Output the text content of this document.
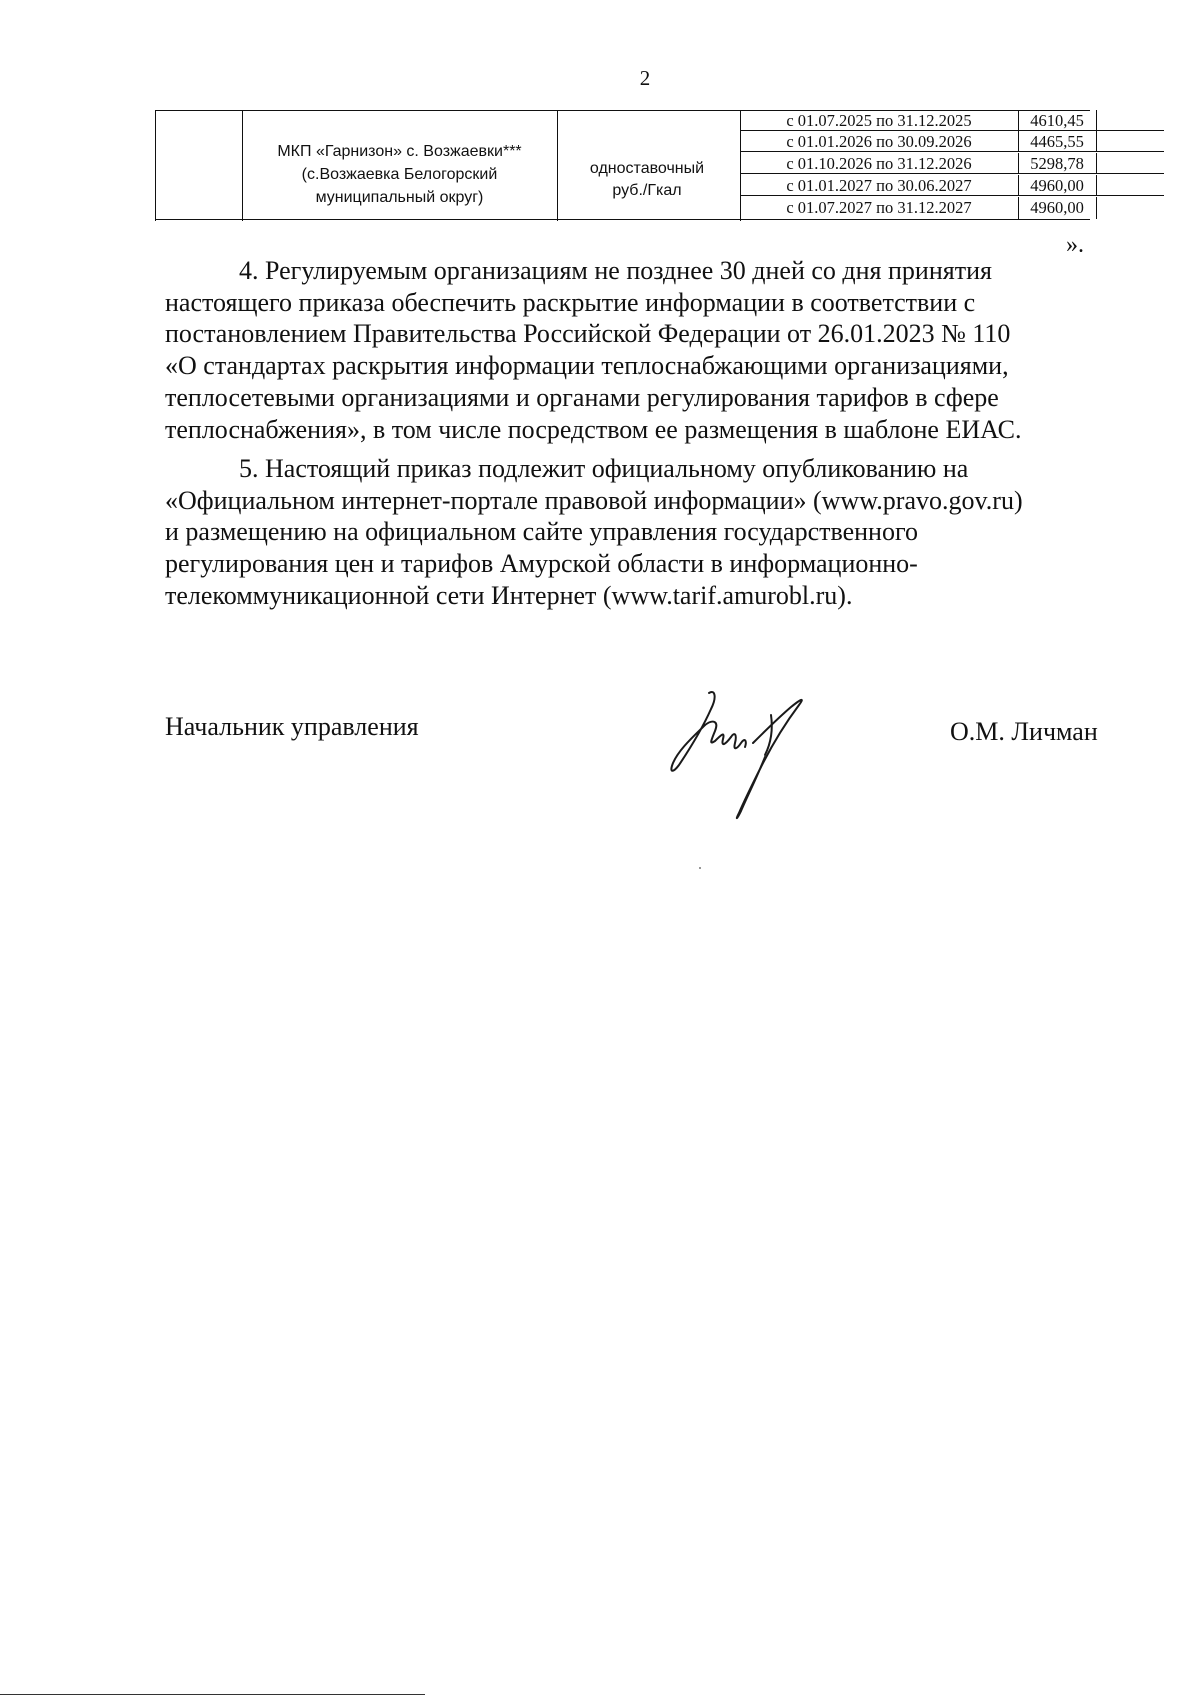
2
МКП «Гарнизон» с. Возжаевки***
(с.Возжаевка Белогорский
муниципальный округ)
одноставочный
руб./Гкал
с 01.07.2025 по 31.12.2025	4610,45
с 01.01.2026 по 30.09.2026	4465,55
с 01.10.2026 по 31.12.2026	5298,78
с 01.01.2027 по 30.06.2027	4960,00
с 01.07.2027 по 31.12.2027	4960,00
».
4. Регулируемым организациям не позднее 30 дней со дня принятия
настоящего приказа обеспечить раскрытие информации в соответствии с
постановлением Правительства Российской Федерации от 26.01.2023 № 110
«О стандартах раскрытия информации теплоснабжающими организациями,
теплосетевыми организациями и органами регулирования тарифов в сфере
теплоснабжения», в том числе посредством ее размещения в шаблоне ЕИАС.
5. Настоящий приказ подлежит официальному опубликованию на
«Официальном интернет-портале правовой информации» (www.pravo.gov.ru)
и размещению на официальном сайте управления государственного
регулирования цен и тарифов Амурской области в информационно-
телекоммуникационной сети Интернет (www.tarif.amurobl.ru).
Начальник управления	О.М. Личман
